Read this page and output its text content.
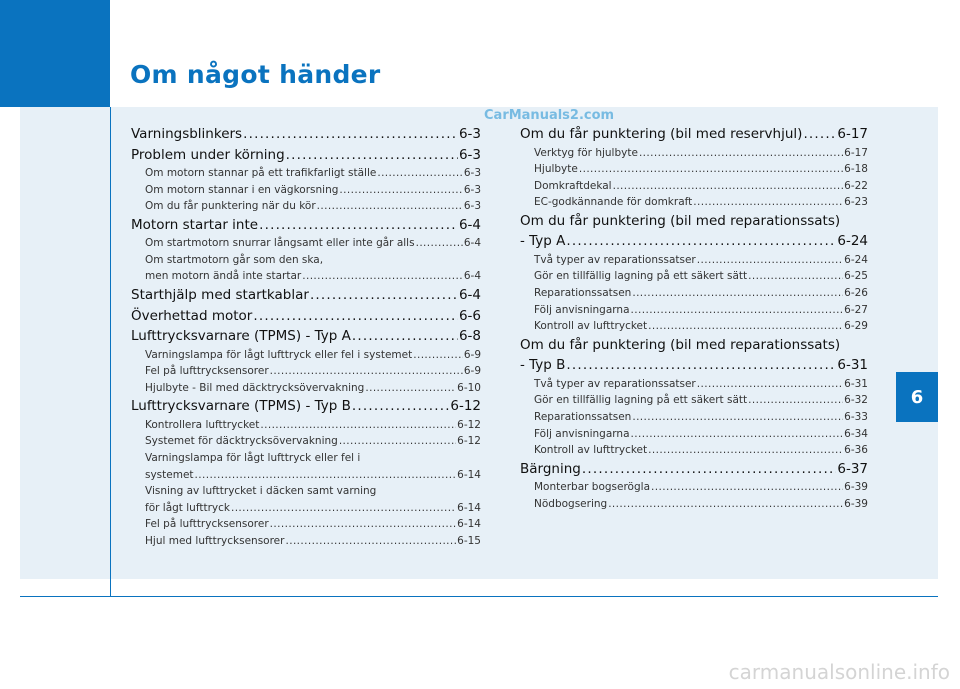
Om något händer
CarManuals2.com
6
Varningsblinkers .....	6-3
Problem under körning .....	6-3
Om motorn stannar på ett trafikfarligt ställe .....	6-3
Om motorn stannar i en vägkorsning .....	6-3
Om du får punktering när du kör .....	6-3
Motorn startar inte .....	6-4
Om startmotorn snurrar långsamt eller inte går alls .....	6-4
Om startmotorn går som den ska,
men motorn ändå inte startar .....	6-4
Starthjälp med startkablar .....	6-4
Överhettad motor .....	6-6
Lufttrycksvarnare (TPMS) - Typ A .....	6-8
Varningslampa för lågt lufttryck eller fel i systemet .....	6-9
Fel på lufttrycksensorer .....	6-9
Hjulbyte - Bil med däcktrycksövervakning .....	6-10
Lufttrycksvarnare (TPMS) - Typ B .....	6-12
Kontrollera lufttrycket .....	6-12
Systemet för däcktrycksövervakning .....	6-12
Varningslampa för lågt lufttryck eller fel i
systemet .....	6-14
Visning av lufttrycket i däcken samt varning
för lågt lufttryck .....	6-14
Fel på lufttrycksensorer .....	6-14
Hjul med lufttrycksensorer .....	6-15
Om du får punktering (bil med reservhjul) .....	6-17
Verktyg för hjulbyte .....	6-17
Hjulbyte .....	6-18
Domkraftdekal .....	6-22
EC-godkännande för domkraft .....	6-23
Om du får punktering (bil med reparationssats)
- Typ A .....	6-24
Två typer av reparationssatser .....	6-24
Gör en tillfällig lagning på ett säkert sätt .....	6-25
Reparationssatsen .....	6-26
Följ anvisningarna .....	6-27
Kontroll av lufttrycket .....	6-29
Om du får punktering (bil med reparationssats)
- Typ B .....	6-31
Två typer av reparationssatser .....	6-31
Gör en tillfällig lagning på ett säkert sätt .....	6-32
Reparationssatsen .....	6-33
Följ anvisningarna .....	6-34
Kontroll av lufttrycket .....	6-36
Bärgning .....	6-37
Monterbar bogserögla .....	6-39
Nödbogsering .....	6-39
carmanualsonline.info
